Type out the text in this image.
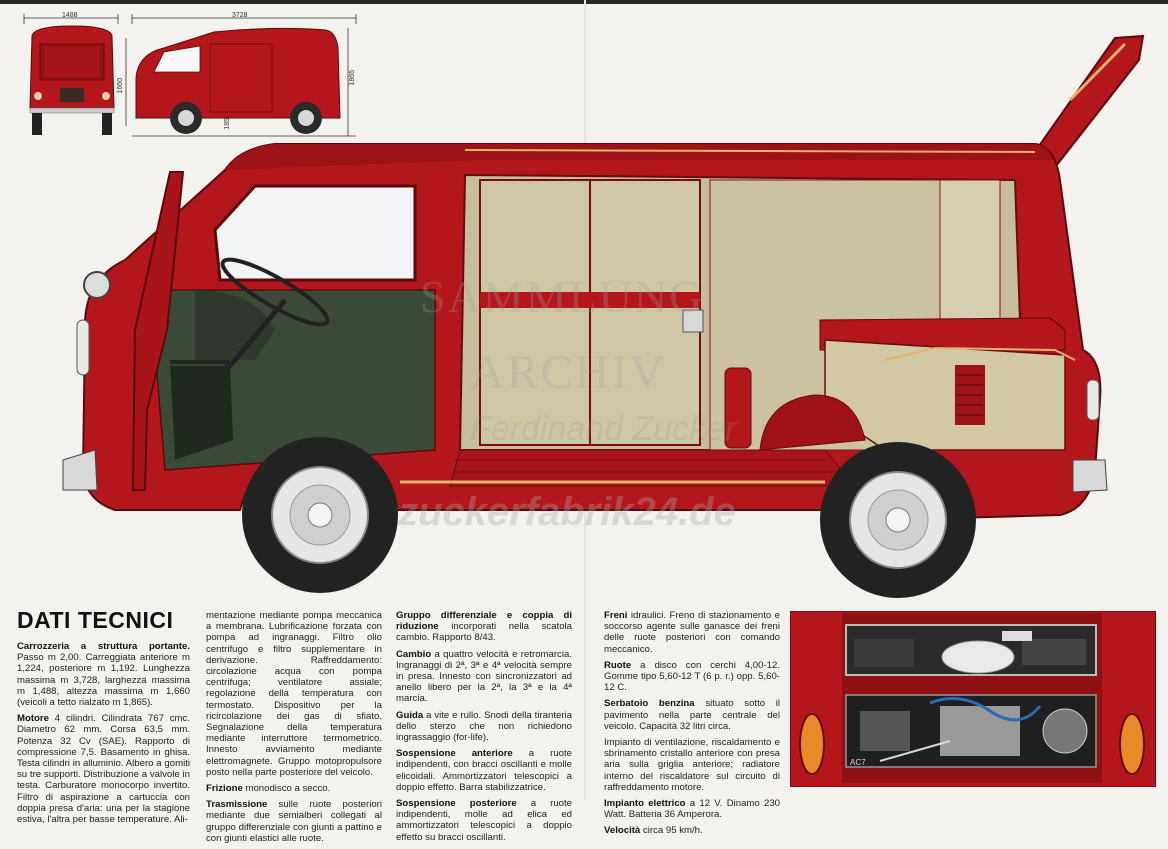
1488	3728
1865
1660
185
SAMMLUNG
ARCHIV
Ferdinand Zucker
zuckerfabrik24.de
DATI TECNICI

Carrozzeria a struttura portante. Passo m 2,00. Carreggiata anteriore m 1,224, posteriore m 1,192. Lunghezza massima m 3,728, larghezza massima m 1,488, altezza massima m 1,660 (veicoli a tetto rialzato m 1,865).

Motore 4 cilindri. Cilindrata 767 cmc. Diametro 62 mm. Corsa 63,5 mm. Potenza 32 Cv (SAE). Rapporto di compressione 7,5. Basamento in ghisa. Testa cilindri in alluminio. Albero a gomiti su tre supporti. Distribuzione a valvole in testa. Carburatore monocorpo invertito. Filtro di aspirazione a cartuccia con doppia presa d'aria: una per la stagione estiva, l'altra per basse temperature. Ali-

mentazione mediante pompa meccanica a membrana. Lubrificazione forzata con pompa ad ingranaggi. Filtro olio centrifugo e filtro supplementare in derivazione. Raffreddamento: circolazione acqua con pompa centrifuga; ventilatore assiale; regolazione della temperatura con termostato. Dispositivo per la ricircolazione dei gas di sfiato. Segnalazione della temperatura mediante interruttore termometrico. Innesto avviamento mediante elettromagnete. Gruppo motopropulsore posto nella parte posteriore del veicolo.

Frizione monodisco a secco.

Trasmissione sulle ruote posteriori mediante due semialberi collegati al gruppo differenziale con giunti a pattino e con giunti elastici alle ruote.

Gruppo differenziale e coppia di riduzione incorporati nella scatola cambio. Rapporto 8/43.

Cambio a quattro velocità e retromarcia. Ingranaggi di 2ª, 3ª e 4ª velocità sempre in presa. Innesto con sincronizzatori ad anello libero per la 2ª, la 3ª e la 4ª marcia.

Guida a vite e rullo. Snodi della tiranteria dello sterzo che non richiedono ingrassaggio (for-life).

Sospensione anteriore a ruote indipendenti, con bracci oscillanti e molle elicoidali. Ammortizzatori telescopici a doppio effetto. Barra stabilizzatrice.

Sospensione posteriore a ruote indipendenti, molle ad elica ed ammortizzatori telescopici a doppio effetto su bracci oscillanti.

Freni idraulici. Freno di stazionamento e soccorso agente sulle ganasce dei freni delle ruote posteriori con comando meccanico.

Ruote a disco con cerchi 4,00-12. Gomme tipo 5,60-12 T (6 p. r.) opp. 5,60-12 C.

Serbatoio benzina situato sotto il pavimento nella parte centrale del veicolo. Capacità 32 litri circa.

Impianto di ventilazione, riscaldamento e sbrinamento cristallo anteriore con presa aria sulla griglia anteriore; radiatore interno del riscaldatore sul circuito di raffreddamento motore.

Impianto elettrico a 12 V. Dinamo 230 Watt. Batteria 36 Amperora.

Velocità circa 95 km/h.

AC7
